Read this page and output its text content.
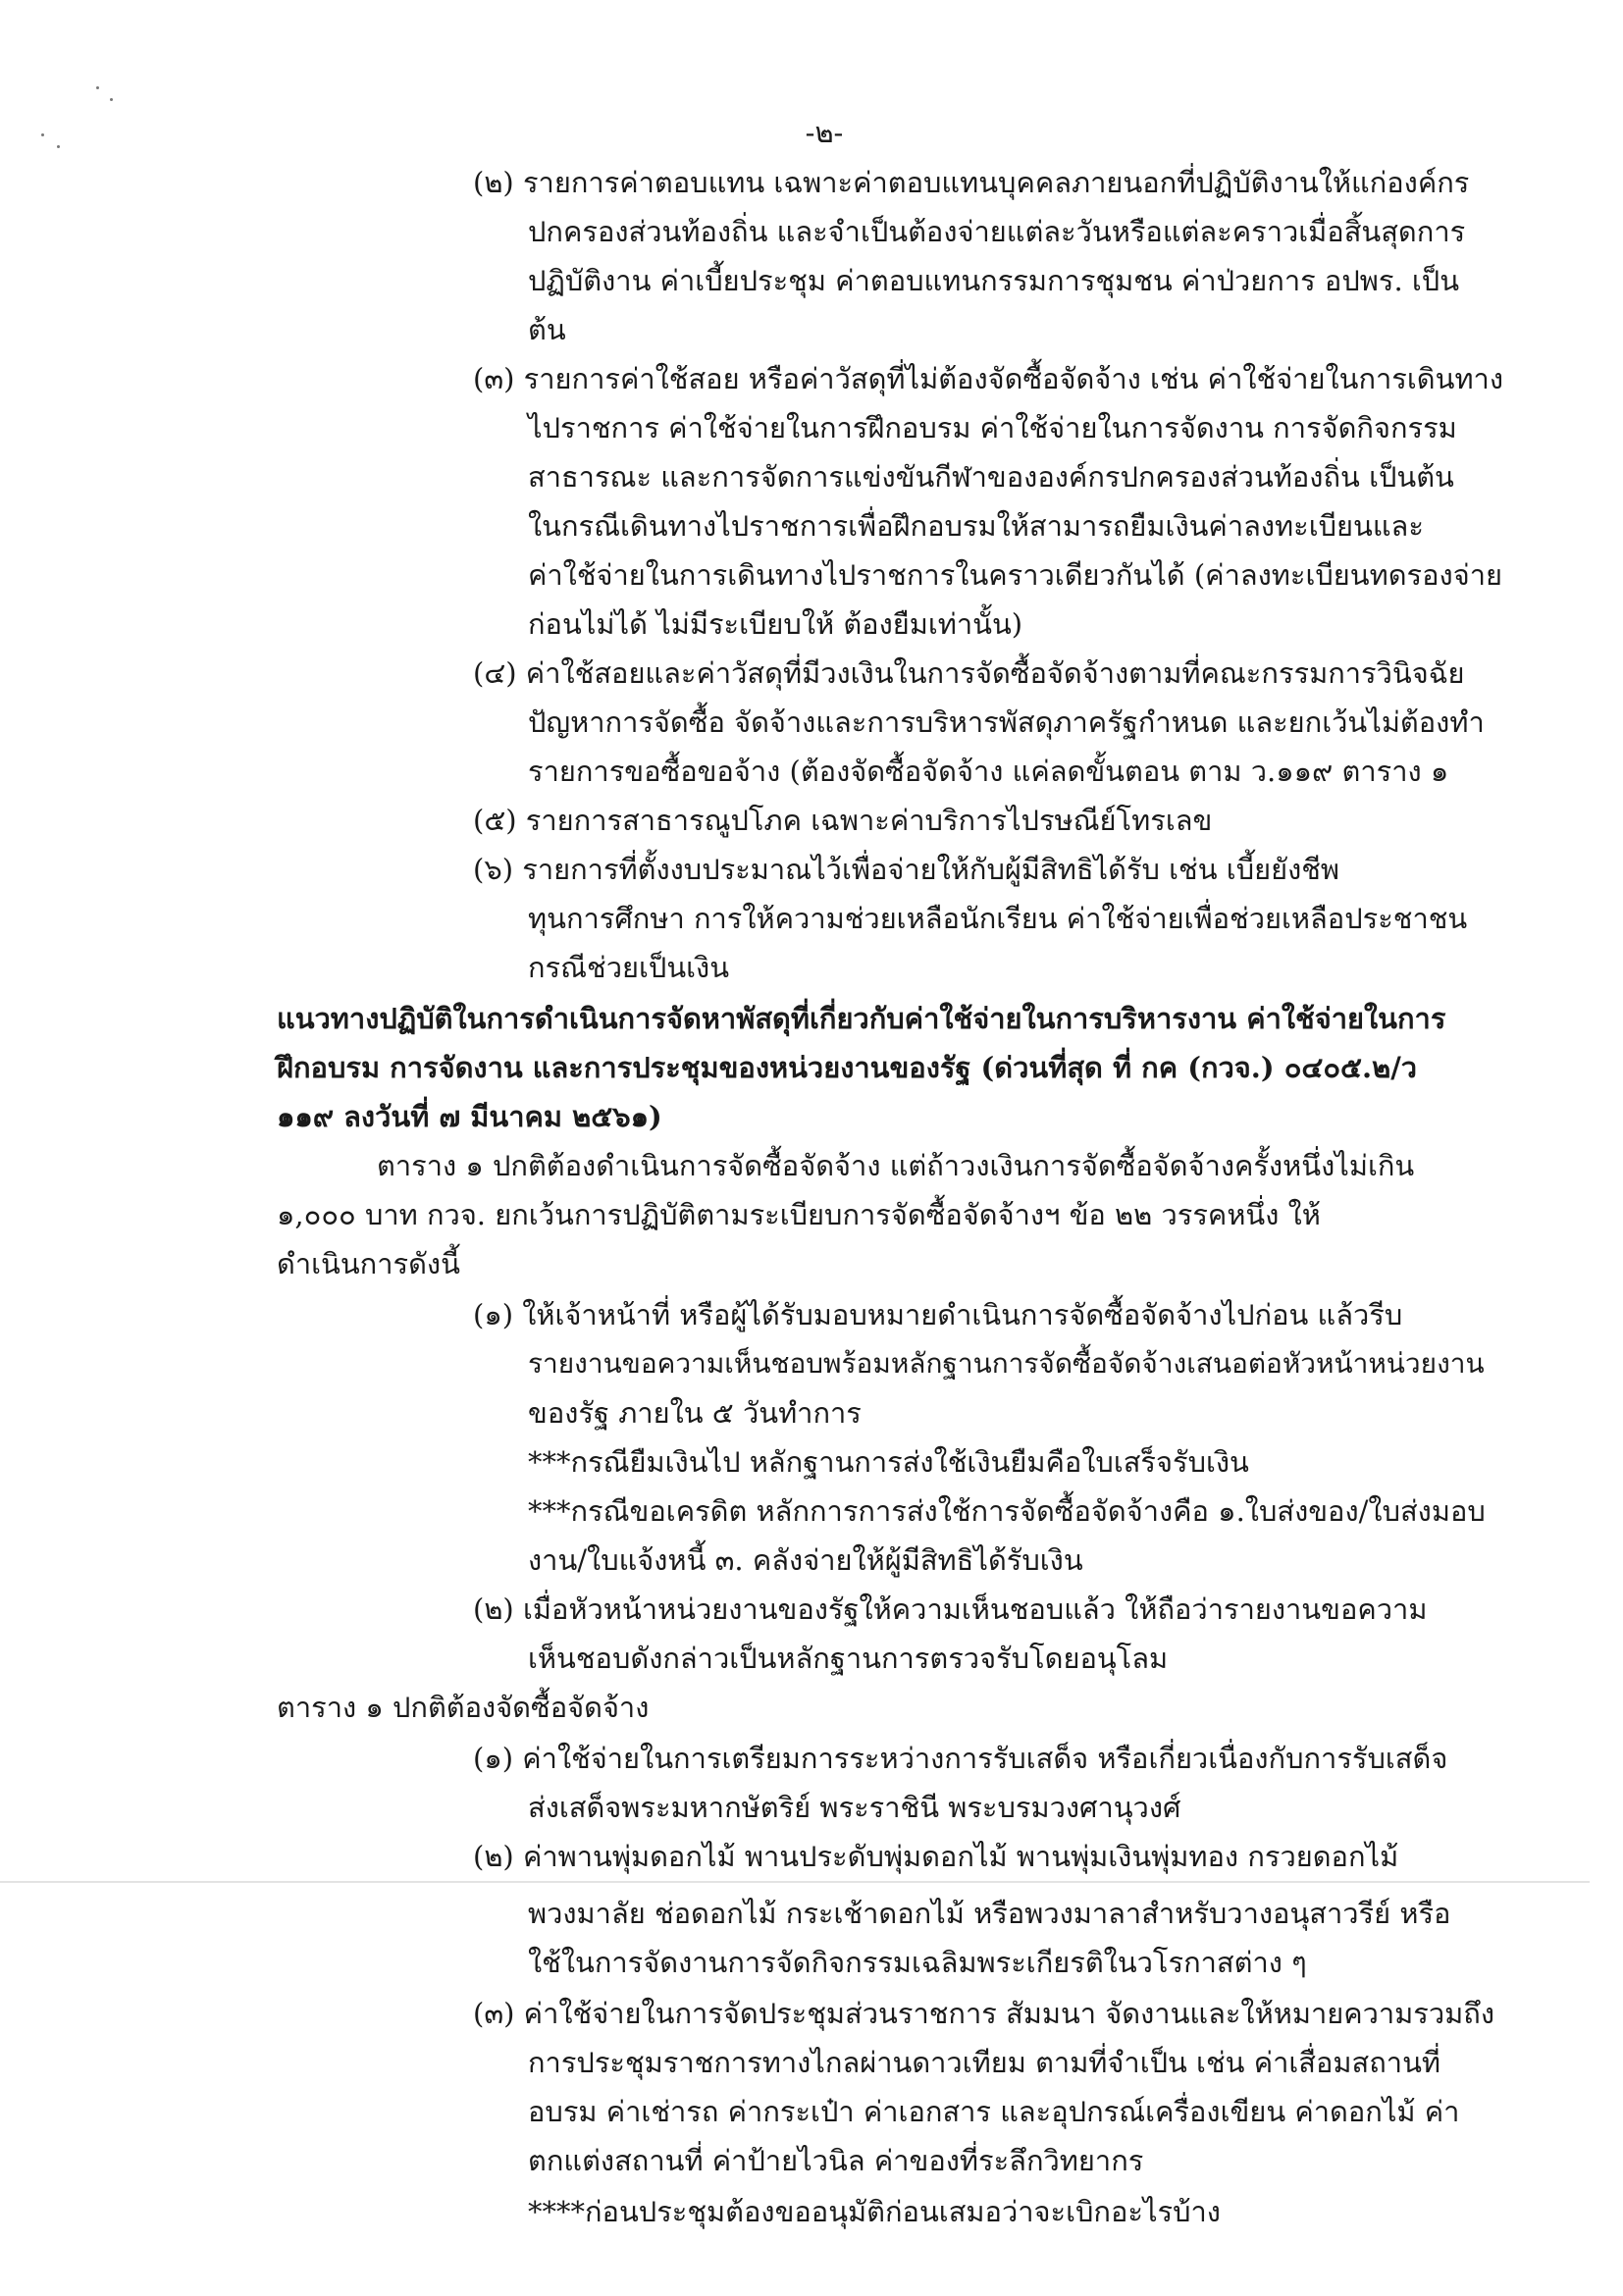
-๒-
(๒) รายการค่าตอบแทน เฉพาะค่าตอบแทนบุคคลภายนอกที่ปฏิบัติงานให้แก่องค์กร
ปกครองส่วนท้องถิ่น และจำเป็นต้องจ่ายแต่ละวันหรือแต่ละคราวเมื่อสิ้นสุดการ
ปฏิบัติงาน ค่าเบี้ยประชุม ค่าตอบแทนกรรมการชุมชน ค่าป่วยการ อปพร. เป็น
ต้น
(๓) รายการค่าใช้สอย หรือค่าวัสดุที่ไม่ต้องจัดซื้อจัดจ้าง เช่น ค่าใช้จ่ายในการเดินทาง
ไปราชการ ค่าใช้จ่ายในการฝึกอบรม ค่าใช้จ่ายในการจัดงาน การจัดกิจกรรม
สาธารณะ และการจัดการแข่งขันกีฬาขององค์กรปกครองส่วนท้องถิ่น เป็นต้น
ในกรณีเดินทางไปราชการเพื่อฝึกอบรมให้สามารถยืมเงินค่าลงทะเบียนและ
ค่าใช้จ่ายในการเดินทางไปราชการในคราวเดียวกันได้ (ค่าลงทะเบียนทดรองจ่าย
ก่อนไม่ได้ ไม่มีระเบียบให้ ต้องยืมเท่านั้น)
(๔) ค่าใช้สอยและค่าวัสดุที่มีวงเงินในการจัดซื้อจัดจ้างตามที่คณะกรรมการวินิจฉัย
ปัญหาการจัดซื้อ จัดจ้างและการบริหารพัสดุภาครัฐกำหนด และยกเว้นไม่ต้องทำ
รายการขอซื้อขอจ้าง (ต้องจัดซื้อจัดจ้าง แค่ลดขั้นตอน ตาม ว.๑๑๙ ตาราง ๑
(๕) รายการสาธารณูปโภค เฉพาะค่าบริการไปรษณีย์โทรเลข
(๖) รายการที่ตั้งงบประมาณไว้เพื่อจ่ายให้กับผู้มีสิทธิได้รับ เช่น เบี้ยยังชีพ
ทุนการศึกษา การให้ความช่วยเหลือนักเรียน ค่าใช้จ่ายเพื่อช่วยเหลือประชาชน
กรณีช่วยเป็นเงิน
แนวทางปฏิบัติในการดำเนินการจัดหาพัสดุที่เกี่ยวกับค่าใช้จ่ายในการบริหารงาน ค่าใช้จ่ายในการ
ฝึกอบรม การจัดงาน และการประชุมของหน่วยงานของรัฐ (ด่วนที่สุด ที่ กค (กวจ.) ๐๔๐๕.๒/ว
๑๑๙ ลงวันที่ ๗ มีนาคม ๒๕๖๑)
ตาราง ๑ ปกติต้องดำเนินการจัดซื้อจัดจ้าง แต่ถ้าวงเงินการจัดซื้อจัดจ้างครั้งหนึ่งไม่เกิน
๑,๐๐๐ บาท กวจ. ยกเว้นการปฏิบัติตามระเบียบการจัดซื้อจัดจ้างฯ ข้อ ๒๒ วรรคหนึ่ง ให้
ดำเนินการดังนี้
(๑) ให้เจ้าหน้าที่ หรือผู้ได้รับมอบหมายดำเนินการจัดซื้อจัดจ้างไปก่อน แล้วรีบ
รายงานขอความเห็นชอบพร้อมหลักฐานการจัดซื้อจัดจ้างเสนอต่อหัวหน้าหน่วยงาน
ของรัฐ ภายใน ๕ วันทำการ
***กรณียืมเงินไป หลักฐานการส่งใช้เงินยืมคือใบเสร็จรับเงิน
***กรณีขอเครดิต หลักการการส่งใช้การจัดซื้อจัดจ้างคือ ๑.ใบส่งของ/ใบส่งมอบ
งาน/ใบแจ้งหนี้ ๓. คลังจ่ายให้ผู้มีสิทธิได้รับเงิน
(๒) เมื่อหัวหน้าหน่วยงานของรัฐให้ความเห็นชอบแล้ว ให้ถือว่ารายงานขอความ
เห็นชอบดังกล่าวเป็นหลักฐานการตรวจรับโดยอนุโลม
ตาราง ๑ ปกติต้องจัดซื้อจัดจ้าง
(๑) ค่าใช้จ่ายในการเตรียมการระหว่างการรับเสด็จ หรือเกี่ยวเนื่องกับการรับเสด็จ
ส่งเสด็จพระมหากษัตริย์ พระราชินี พระบรมวงศานุวงศ์
(๒) ค่าพานพุ่มดอกไม้ พานประดับพุ่มดอกไม้ พานพุ่มเงินพุ่มทอง กรวยดอกไม้
พวงมาลัย ช่อดอกไม้ กระเช้าดอกไม้ หรือพวงมาลาสำหรับวางอนุสาวรีย์ หรือ
ใช้ในการจัดงานการจัดกิจกรรมเฉลิมพระเกียรติในวโรกาสต่าง ๆ
(๓) ค่าใช้จ่ายในการจัดประชุมส่วนราชการ สัมมนา จัดงานและให้หมายความรวมถึง
การประชุมราชการทางไกลผ่านดาวเทียม ตามที่จำเป็น เช่น ค่าเสื่อมสถานที่
อบรม ค่าเช่ารถ ค่ากระเป๋า ค่าเอกสาร และอุปกรณ์เครื่องเขียน ค่าดอกไม้ ค่า
ตกแต่งสถานที่ ค่าป้ายไวนิล ค่าของที่ระลึกวิทยากร
****ก่อนประชุมต้องขออนุมัติก่อนเสมอว่าจะเบิกอะไรบ้าง
